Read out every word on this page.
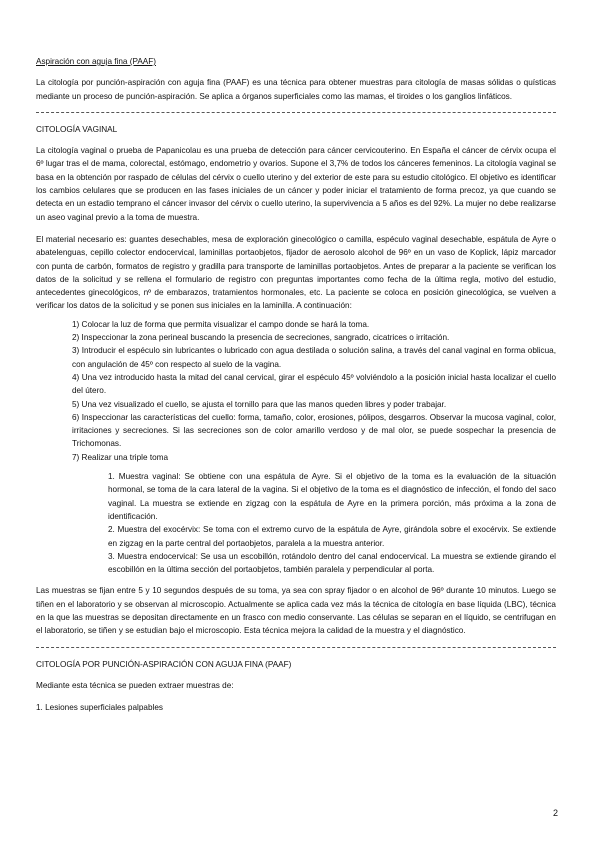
Aspiración con aguja fina (PAAF)

La citología por punción-aspiración con aguja fina (PAAF) es una técnica para obtener muestras para citología de masas sólidas o quísticas mediante un proceso de punción-aspiración. Se aplica a órganos superficiales como las mamas, el tiroides o los ganglios linfáticos.

CITOLOGÍA VAGINAL

La citología vaginal o prueba de Papanicolau es una prueba de detección para cáncer cervicouterino. En España el cáncer de cérvix ocupa el 6º lugar tras el de mama, colorectal, estómago, endometrio y ovarios. Supone el 3,7% de todos los cánceres femeninos. La citología vaginal se basa en la obtención por raspado de células del cérvix o cuello uterino y del exterior de este para su estudio citológico. El objetivo es identificar los cambios celulares que se producen en las fases iniciales de un cáncer y poder iniciar el tratamiento de forma precoz, ya que cuando se detecta en un estadio temprano el cáncer invasor del cérvix o cuello uterino, la supervivencia a 5 años es del 92%. La mujer no debe realizarse un aseo vaginal previo a la toma de muestra.

El material necesario es: guantes desechables, mesa de exploración ginecológico o camilla, espéculo vaginal desechable, espátula de Ayre o abatelenguas, cepillo colector endocervical, laminillas portaobjetos, fijador de aerosolo alcohol de 96º en un vaso de Koplick, lápiz marcador con punta de carbón, formatos de registro y gradilla para transporte de laminillas portaobjetos. Antes de preparar a la paciente se verifican los datos de la solicitud y se rellena el formulario de registro con preguntas importantes como fecha de la última regla, motivo del estudio, antecedentes ginecológicos, nº de embarazos, tratamientos hormonales, etc. La paciente se coloca en posición ginecológica, se vuelven a verificar los datos de la solicitud y se ponen sus iniciales en la laminilla. A continuación:

1) Colocar la luz de forma que permita visualizar el campo donde se hará la toma.
2) Inspeccionar la zona perineal buscando la presencia de secreciones, sangrado, cicatrices o irritación.
3) Introducir el espéculo sin lubricantes o lubricado con agua destilada o solución salina, a través del canal vaginal en forma oblicua, con angulación de 45º con respecto al suelo de la vagina.
4) Una vez introducido hasta la mitad del canal cervical, girar el espéculo 45º volviéndolo a la posición inicial hasta localizar el cuello del útero.
5) Una vez visualizado el cuello, se ajusta el tornillo para que las manos queden libres y poder trabajar.
6) Inspeccionar las características del cuello: forma, tamaño, color, erosiones, pólipos, desgarros. Observar la mucosa vaginal, color, irritaciones y secreciones. Si las secreciones son de color amarillo verdoso y de mal olor, se puede sospechar la presencia de Trichomonas.
7) Realizar una triple toma
1. Muestra vaginal: Se obtiene con una espátula de Ayre. Si el objetivo de la toma es la evaluación de la situación hormonal, se toma de la cara lateral de la vagina. Si el objetivo de la toma es el diagnóstico de infección, el fondo del saco vaginal. La muestra se extiende en zigzag con la espátula de Ayre en la primera porción, más próxima a la zona de identificación.
2. Muestra del exocérvix: Se toma con el extremo curvo de la espátula de Ayre, girándola sobre el exocérvix. Se extiende en zigzag en la parte central del portaobjetos, paralela a la muestra anterior.
3. Muestra endocervical: Se usa un escobillón, rotándolo dentro del canal endocervical. La muestra se extiende girando el escobillón en la última sección del portaobjetos, también paralela y perpendicular al porta.

Las muestras se fijan entre 5 y 10 segundos después de su toma, ya sea con spray fijador o en alcohol de 96º durante 10 minutos. Luego se tiñen en el laboratorio y se observan al microscopio. Actualmente se aplica cada vez más la técnica de citología en base líquida (LBC), técnica en la que las muestras se depositan directamente en un frasco con medio conservante. Las células se separan en el líquido, se centrifugan en el laboratorio, se tiñen y se estudian bajo el microscopio. Esta técnica mejora la calidad de la muestra y el diagnóstico.

CITOLOGÍA POR PUNCIÓN-ASPIRACIÓN CON AGUJA FINA (PAAF)

Mediante esta técnica se pueden extraer muestras de:

1. Lesiones superficiales palpables

2
